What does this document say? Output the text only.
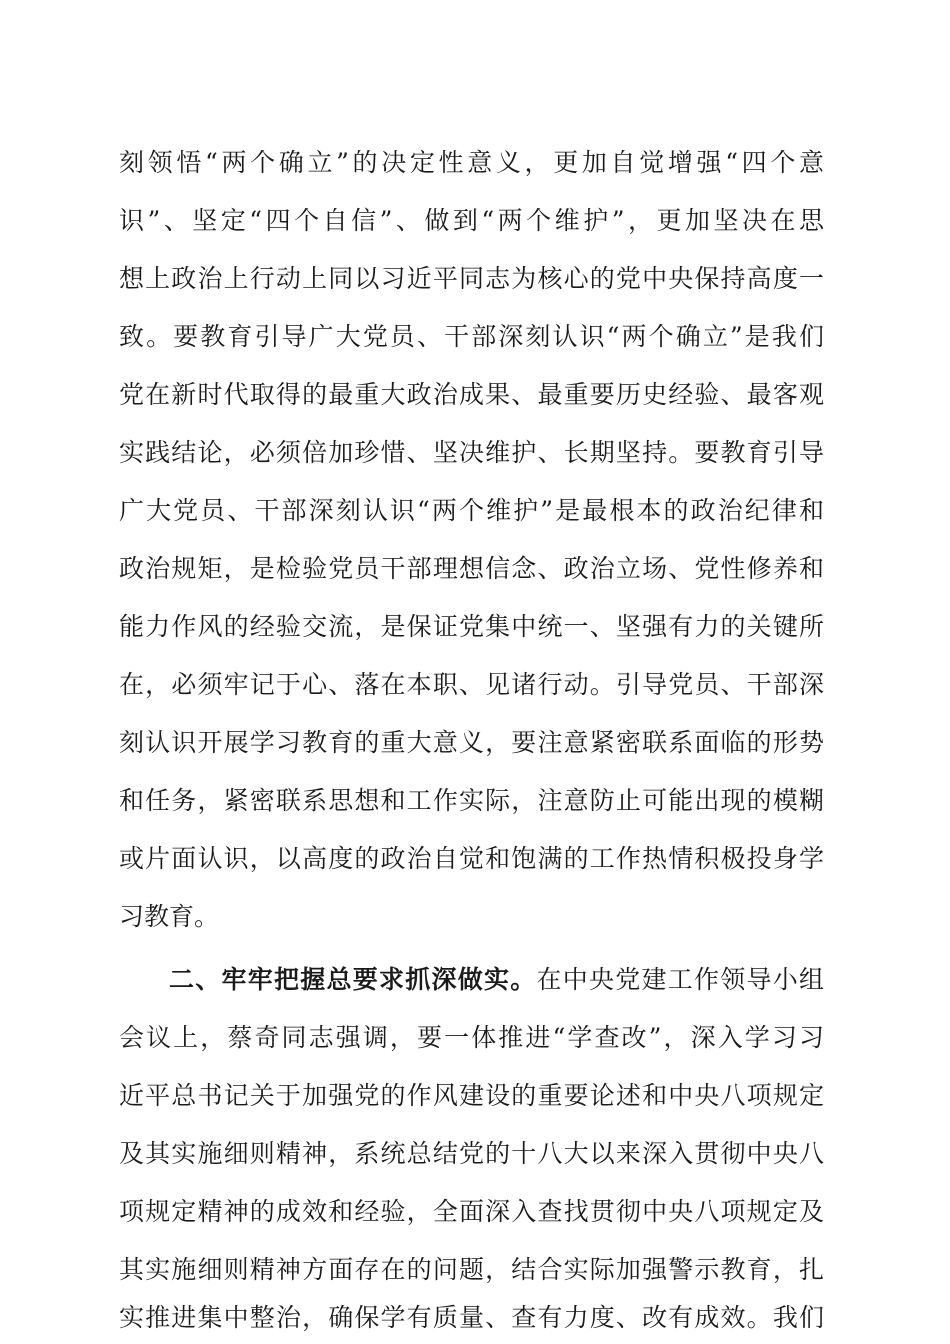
刻领悟“两个确立”的决定性意义，更加自觉增强“四个意
识”、坚定“四个自信”、做到“两个维护”，更加坚决在思
想上政治上行动上同以习近平同志为核心的党中央保持高度一
致。要教育引导广大党员、干部深刻认识“两个确立”是我们
党在新时代取得的最重大政治成果、最重要历史经验、最客观
实践结论，必须倍加珍惜、坚决维护、长期坚持。要教育引导
广大党员、干部深刻认识“两个维护”是最根本的政治纪律和
政治规矩，是检验党员干部理想信念、政治立场、党性修养和
能力作风的经验交流，是保证党集中统一、坚强有力的关键所
在，必须牢记于心、落在本职、见诸行动。引导党员、干部深
刻认识开展学习教育的重大意义，要注意紧密联系面临的形势
和任务，紧密联系思想和工作实际，注意防止可能出现的模糊
或片面认识，以高度的政治自觉和饱满的工作热情积极投身学
习教育。
二、牢牢把握总要求抓深做实。在中央党建工作领导小组
会议上，蔡奇同志强调，要一体推进“学查改”，深入学习习
近平总书记关于加强党的作风建设的重要论述和中央八项规定
及其实施细则精神，系统总结党的十八大以来深入贯彻中央八
项规定精神的成效和经验，全面深入查找贯彻中央八项规定及
其实施细则精神方面存在的问题，结合实际加强警示教育，扎
实推进集中整治，确保学有质量、查有力度、改有成效。我们
